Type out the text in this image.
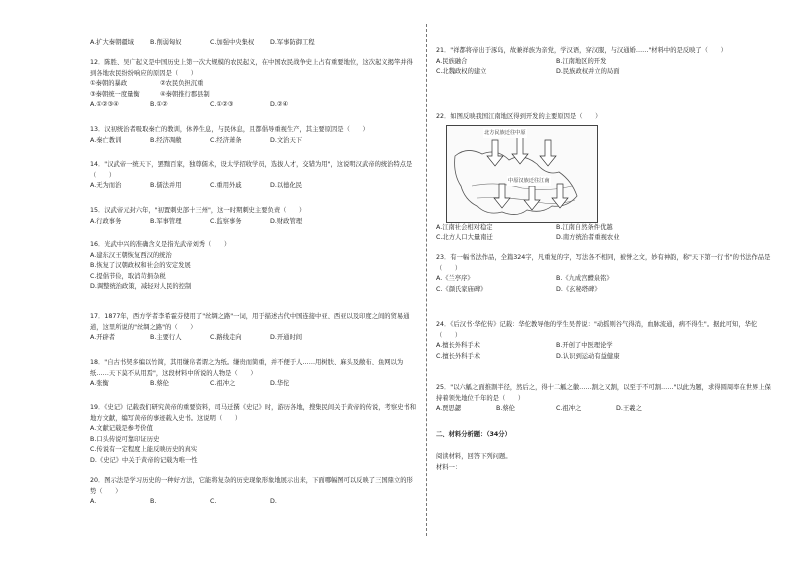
A.扩大秦朝疆域	B.削弱匈奴	C.加强中央集权	D.军事防御工程

12．陈胜、吴广起义是中国历史上第一次大规模的农民起义，在中国农民战争史上占有重要地位，这次起义揭竿并得到各地农民纷纷响应的原因是（　　）

①秦朝的暴政	②农民负担沉重
③秦朝统一度量衡	④秦朝推行郡县制
A.①②③④	B.①②	C.①②③	D.②④

13．汉初统治者吸取秦亡的教训，休养生息，与民休息，且都倡导重视生产，其主要原因是（　　）

A.秦亡教训	B.经济凋敝	C.经济萧条	D.文治天下

14．"汉武帝一统天下，罢黜百家，独尊儒术，设太学招收学员，选拔人才，交错为用"，这说明汉武帝的统治特点是（　　）

A.无为而治	B.儒法并用	C.重用外戚	D.以德化民

15．汉武帝元封六年，"初置刺史部十三州"，这一时期刺史主要负责（　　）

A.行政事务	B.军事管理	C.监察事务	D.财政管理

16．光武中兴的准确含义是指光武帝刘秀（　　）

A.建东汉王朝恢复西汉的统治

B.恢复了汉朝政权和社会的安定发展

C.提倡节俭，取消苛捐杂税

D.调整统治政策，减轻对人民的控制

17．1877年，西方学者李希霍芬使用了"丝绸之路"一词，用于描述古代中国连接中亚、西亚以及印度之间的贸易通道，这里所说的"丝绸之路"的（　　）

A.开辟者	B.主要行人	C.路线走向	D.开通时间

18．"自古书契多编以竹简，其用缣帛者谓之为纸。缣贵而简重，并不便于人……用树肤、麻头及敝布、鱼网以为纸……天下莫不从用焉"，这段材料中所说的人物是（　　）

A.张衡	B.蔡伦	C.祖冲之	D.华佗

19．《史记》记载我们研究黄帝的重要资料，司马迁撰《史记》时，游历各地，搜集民间关于黄帝的传说，考察史书和地方文献，编写黄帝的事迹载入史书。这说明（　　）

A.文献记载是参考价值

B.口头传说可靠印证历史

C.传说有一定程度上能反映历史的真实

D.《史记》中关于黄帝的记载为唯一性

20．图示法是学习历史的一种好方法，它能将复杂的历史现象形象地展示出来，下面哪幅图可以反映了三国鼎立的形势（　　）

A.	B.	C.	D.

21．"祥都将帝出于涿岛，故兼祥族为亲党，学汉语，穿汉服，与汉通婚……"材料中的是反映了（　　）

A.民族融合	B.江南地区的开发
C.北魏政权的建立	D.民族政权并立的局面

22．如图反映我国江南地区得到开发的主要原因是（　　）

北方民族迁往中原
中原汉族迁往江南
A.江南社会相对稳定	B.江南自然条件优越
C.北方人口大量南迁	D.南方统治者重视农业

23．有一幅书法作品，全篇324字，凡重复的字，写法各不相同，被誉之文，妙有神韵，称"天下第一行书"的书法作品是（　　）

A.《兰亭序》	B.《九成宫醴泉铭》
C.《颜氏家庙碑》	D.《玄秘塔碑》

24．《后汉书·华佗传》记载：华佗教导他的学生吴普说："动摇则谷气得消，血脉流通，病不得生"。据此可知，华佗（　　）

A.擅长外科手术	B.开创了中医理论学
C.擅长外科手术	D.认识到运动有益健康

25．"以六觚之面推割半径，然后之，得十二觚之徽……割之又割，以至于不可割……"以此为题，求得圆周率在世界上保持着领先地位千年的是（　　）

A.贾思勰	B.蔡伦	C.祖冲之	D.王羲之

二、材料分析题：（34分）

阅读材料，回答下列问题。

材料一：
